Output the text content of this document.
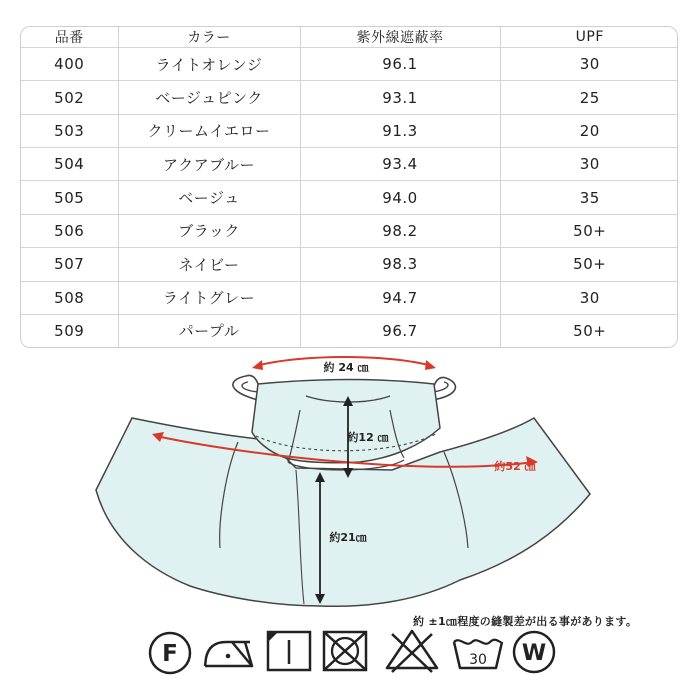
品番	カラー	紫外線遮蔽率	UPF
400	ライトオレンジ	96.1	30
502	ベージュピンク	93.1	25
503	クリームイエロー	91.3	20
504	アクアブルー	93.4	30
505	ベージュ	94.0	35
506	ブラック	98.2	50+
507	ネイビー	98.3	50+
508	ライトグレー	94.7	30
509	パープル	96.7	50+
約 24 ㎝
約52 ㎝
約12 ㎝
約21㎝
約 ±1㎝程度の縫製差が出る事があります。
F	30 W
